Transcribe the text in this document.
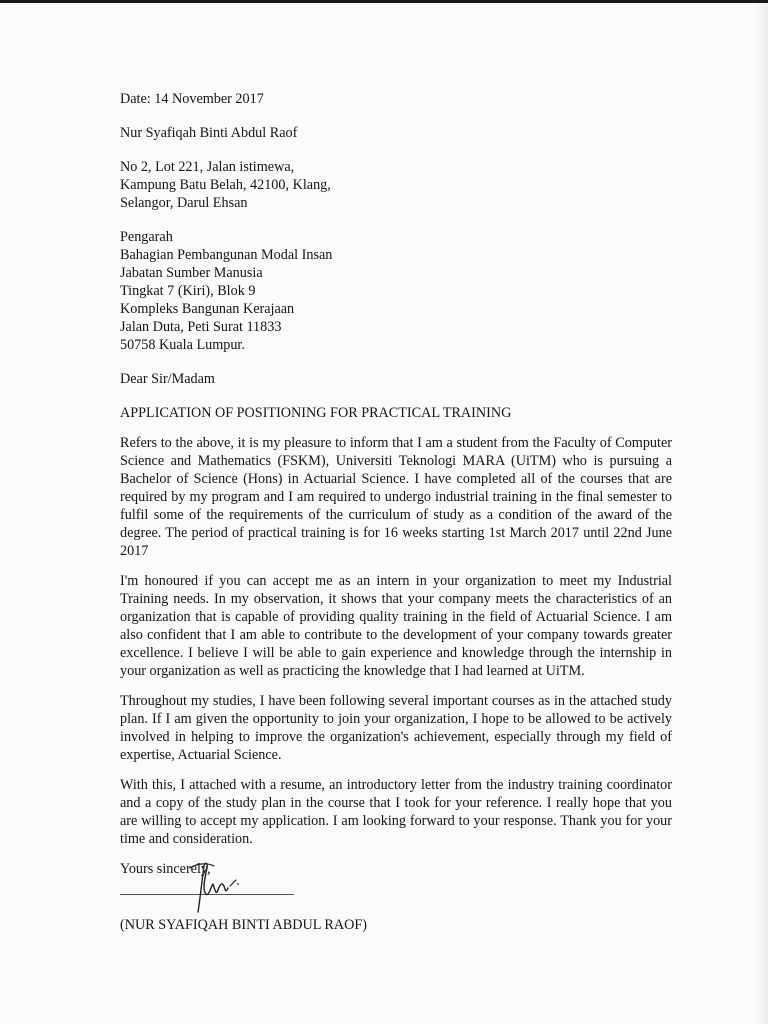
Date: 14 November 2017
Nur Syafiqah Binti Abdul Raof
No 2, Lot 221, Jalan istimewa,
Kampung Batu Belah, 42100, Klang,
Selangor, Darul Ehsan
Pengarah
Bahagian Pembangunan Modal Insan
Jabatan Sumber Manusia
Tingkat 7 (Kiri), Blok 9
Kompleks Bangunan Kerajaan
Jalan Duta, Peti Surat 11833
50758 Kuala Lumpur.
Dear Sir/Madam
APPLICATION OF POSITIONING FOR PRACTICAL TRAINING

Refers to the above, it is my pleasure to inform that I am a student from the Faculty of Computer Science and Mathematics (FSKM), Universiti Teknologi MARA (UiTM) who is pursuing a Bachelor of Science (Hons) in Actuarial Science. I have completed all of the courses that are required by my program and I am required to undergo industrial training in the final semester to fulfil some of the requirements of the curriculum of study as a condition of the award of the degree. The period of practical training is for 16 weeks starting 1st March 2017 until 22nd June 2017

I'm honoured if you can accept me as an intern in your organization to meet my Industrial Training needs. In my observation, it shows that your company meets the characteristics of an organization that is capable of providing quality training in the field of Actuarial Science. I am also confident that I am able to contribute to the development of your company towards greater excellence. I believe I will be able to gain experience and knowledge through the internship in your organization as well as practicing the knowledge that I had learned at UiTM.

Throughout my studies, I have been following several important courses as in the attached study plan. If I am given the opportunity to join your organization, I hope to be allowed to be actively involved in helping to improve the organization's achievement, especially through my field of expertise, Actuarial Science.

With this, I attached with a resume, an introductory letter from the industry training coordinator and a copy of the study plan in the course that I took for your reference. I really hope that you are willing to accept my application. I am looking forward to your response. Thank you for your time and consideration.

Yours sincerely,
(NUR SYAFIQAH BINTI ABDUL RAOF)
